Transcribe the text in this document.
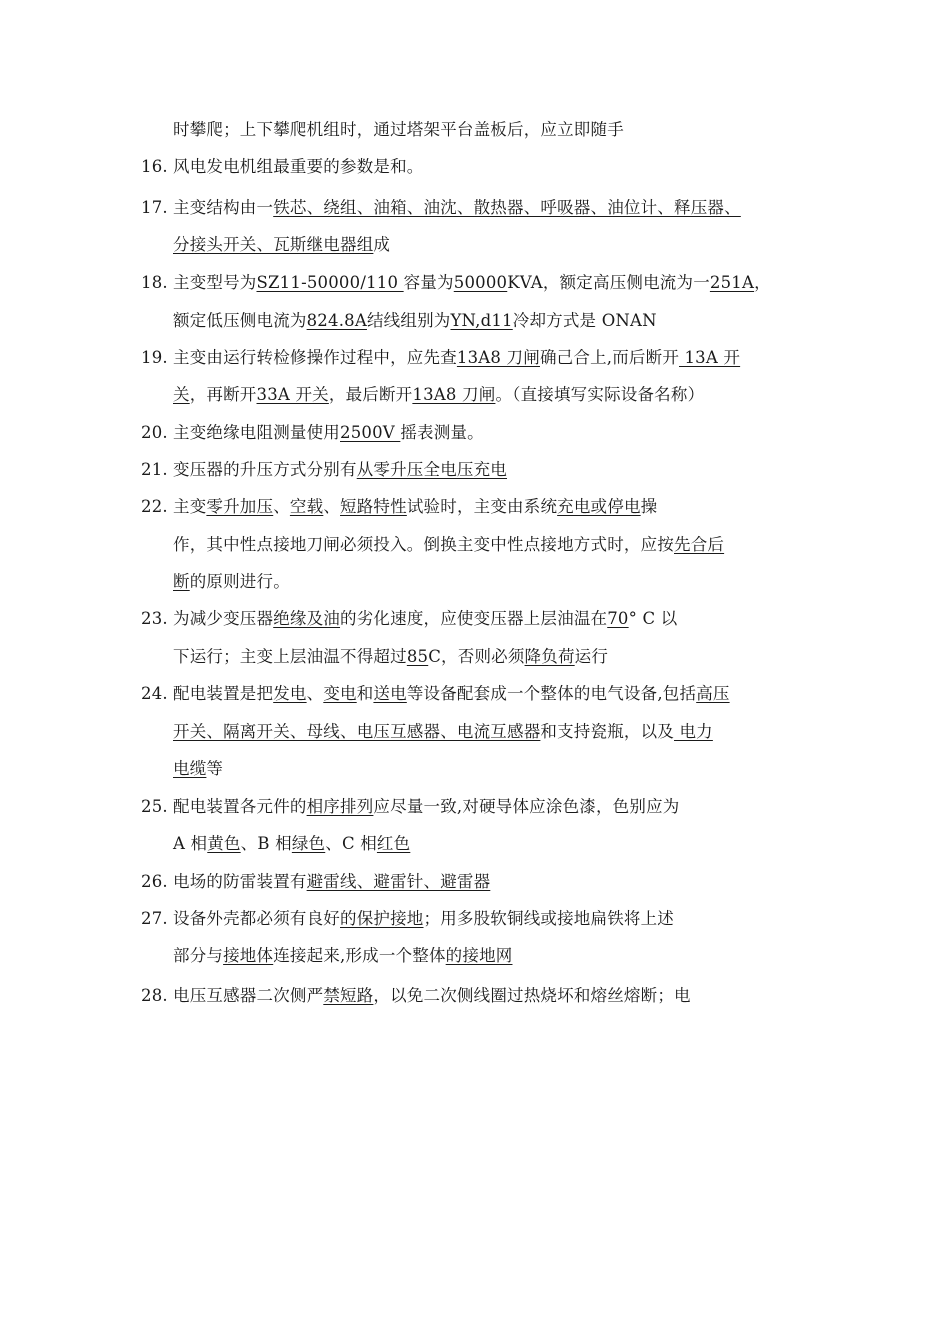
时攀爬；上下攀爬机组时，通过塔架平台盖板后，应立即随手
16. 风电发电机组最重要的参数是和。
17. 主变结构由一铁芯、绕组、油箱、油沈、散热器、呼吸器、油位计、释压器、
分接头开关、瓦斯继电器组成
18. 主变型号为SZ11-50000/110 容量为50000KVA，额定高压侧电流为一251A，
额定低压侧电流为824.8A结线组别为YN,d11冷却方式是 ONAN
19. 主变由运行转检修操作过程中，应先查13A8 刀闸确己合上,而后断开 13A 开
关，再断开33A 开关，最后断开13A8 刀闸。（直接填写实际设备名称）
20. 主变绝缘电阻测量使用2500V 摇表测量。
21. 变压器的升压方式分别有从零升压全电压充电
22. 主变零升加压、空载、短路特性试验时，主变由系统充电或停电操
作，其中性点接地刀闸必须投入。倒换主变中性点接地方式时，应按先合后
断的原则进行。
23. 为减少变压器绝缘及油的劣化速度，应使变压器上层油温在70° C 以
下运行；主变上层油温不得超过85C，否则必须降负荷运行
24. 配电装置是把发电、变电和送电等设备配套成一个整体的电气设备,包括高压
开关、隔离开关、母线、电压互感器、电流互感器和支持瓷瓶，以及 电力
电缆等
25. 配电装置各元件的相序排列应尽量一致,对硬导体应涂色漆，色别应为
A 相黄色、B 相绿色、C 相红色
26. 电场的防雷装置有避雷线、避雷针、避雷器
27. 设备外壳都必须有良好的保护接地；用多股软铜线或接地扁铁将上述
部分与接地体连接起来,形成一个整体的接地网
28. 电压互感器二次侧严禁短路，以免二次侧线圈过热烧坏和熔丝熔断；电
